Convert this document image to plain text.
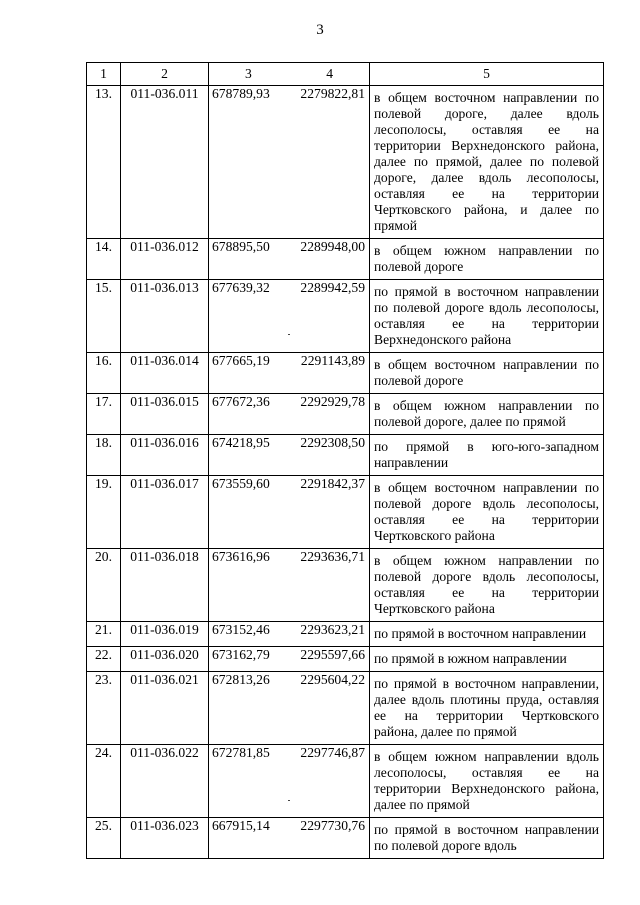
3
1	2	3 4	5
13.	011-036.011	678789,93 2279822,81	в общем восточном направлении по полевой дороге, далее вдоль лесополосы, оставляя ее на территории Верхнедонского района, далее по прямой, далее по полевой дороге, далее вдоль лесополосы, оставляя ее на территории Чертковского района, и далее по прямой

14.	011-036.012	678895,50 2289948,00	в общем южном направлении по полевой дороге

15.	011-036.013	677639,32 2289942,59	по прямой в восточном направлении по полевой дороге вдоль лесополосы, оставляя ее на территории Верхнедонского района

16.	011-036.014	677665,19 2291143,89	в общем восточном направлении по полевой дороге

17.	011-036.015	677672,36 2292929,78	в общем южном направлении по полевой дороге, далее по прямой

18.	011-036.016	674218,95 2292308,50	по прямой в юго-юго-западном направлении

19.	011-036.017	673559,60 2291842,37	в общем восточном направлении по полевой дороге вдоль лесополосы, оставляя ее на территории Чертковского района

20.	011-036.018	673616,96 2293636,71	в общем южном направлении по полевой дороге вдоль лесополосы, оставляя ее на территории Чертковского района

21.	011-036.019	673152,46 2293623,21	по прямой в восточном направлении

22.	011-036.020	673162,79 2295597,66	по прямой в южном направлении

23.	011-036.021	672813,26 2295604,22	по прямой в восточном направлении, далее вдоль плотины пруда, оставляя ее на территории Чертковского района, далее по прямой

24.	011-036.022	672781,85 2297746,87	в общем южном направлении вдоль лесополосы, оставляя ее на территории Верхнедонского района, далее по прямой

25.	011-036.023	667915,14 2297730,76	по прямой в восточном направлении по полевой дороге вдоль
